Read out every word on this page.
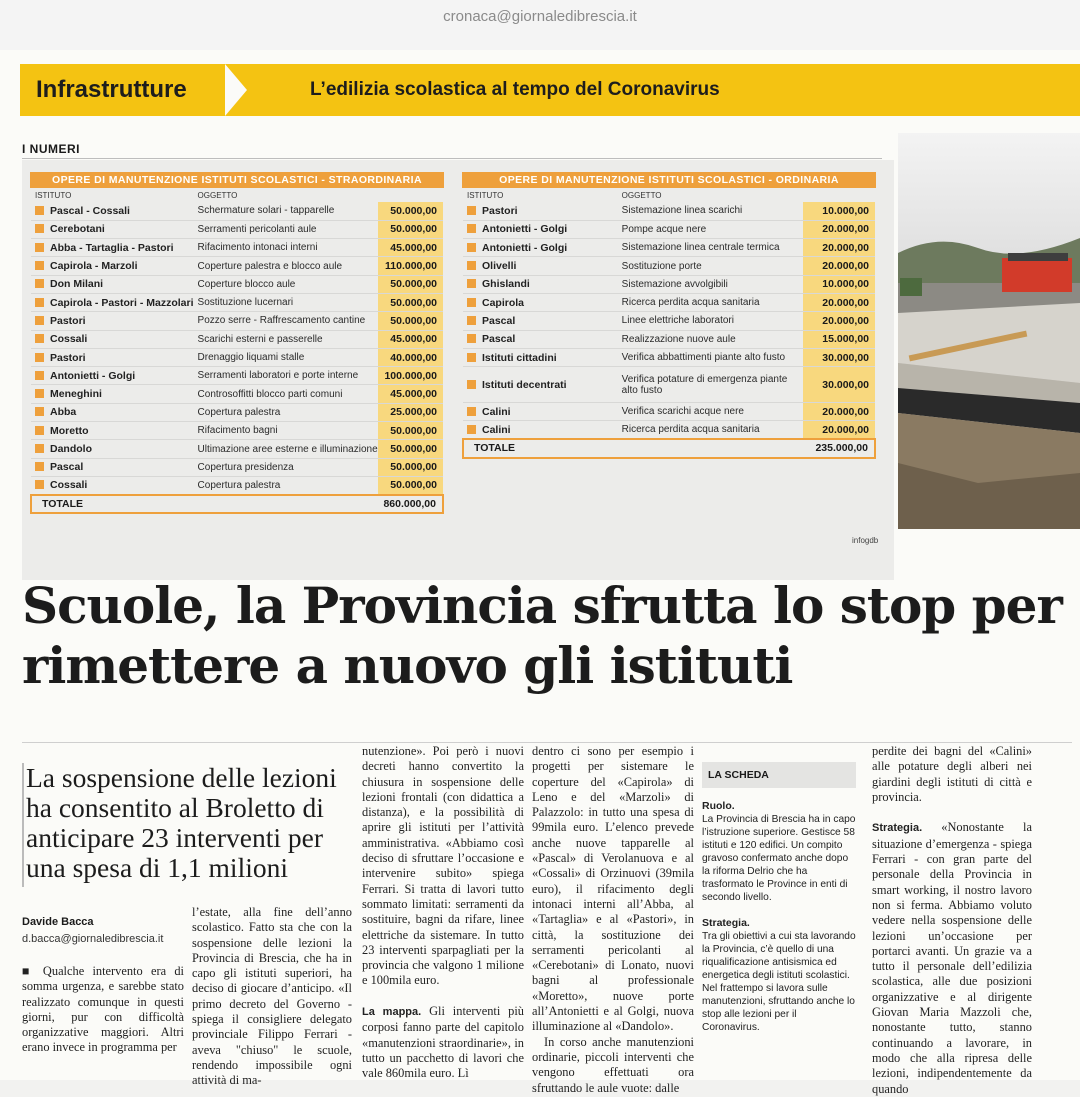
cronaca@giornaledibrescia.it
Infrastrutture	L’edilizia scolastica al tempo del Coronavirus
I NUMERI
OPERE DI MANUTENZIONE ISTITUTI SCOLASTICI - STRAORDINARIA
ISTITUTO	OGGETTO	
Pascal - Cossali	Schermature solari - tapparelle	50.000,00
Cerebotani	Serramenti pericolanti aule	50.000,00
Abba - Tartaglia - Pastori	Rifacimento intonaci interni	45.000,00
Capirola - Marzoli	Coperture palestra e blocco aule	110.000,00
Don Milani	Coperture blocco aule	50.000,00
Capirola - Pastori - Mazzolari	Sostituzione lucernari	50.000,00
Pastori	Pozzo serre - Raffrescamento cantine	50.000,00
Cossali	Scarichi esterni e passerelle	45.000,00
Pastori	Drenaggio liquami stalle	40.000,00
Antonietti - Golgi	Serramenti laboratori e porte interne	100.000,00
Meneghini	Controsoffitti blocco parti comuni	45.000,00
Abba	Copertura palestra	25.000,00
Moretto	Rifacimento bagni	50.000,00
Dandolo	Ultimazione aree esterne e illuminazione	50.000,00
Pascal	Copertura presidenza	50.000,00
Cossali	Copertura palestra	50.000,00
TOTALE		860.000,00
OPERE DI MANUTENZIONE ISTITUTI SCOLASTICI - ORDINARIA
ISTITUTO	OGGETTO	
Pastori	Sistemazione linea scarichi	10.000,00
Antonietti - Golgi	Pompe acque nere	20.000,00
Antonietti - Golgi	Sistemazione linea centrale termica	20.000,00
Olivelli	Sostituzione porte	20.000,00
Ghislandi	Sistemazione avvolgibili	10.000,00
Capirola	Ricerca perdita acqua sanitaria	20.000,00
Pascal	Linee elettriche laboratori	20.000,00
Pascal	Realizzazione nuove aule	15.000,00
Istituti cittadini	Verifica abbattimenti piante alto fusto	30.000,00
Istituti decentrati	Verifica potature di emergenza piante alto fusto	30.000,00
Calini	Verifica scarichi acque nere	20.000,00
Calini	Ricerca perdita acqua sanitaria	20.000,00
TOTALE		235.000,00
infogdb
Scuole, la Provincia sfrutta lo stop per rimettere a nuovo gli istituti
La sospensione delle lezioni ha consentito al Broletto di anticipare 23 interventi per una spesa di 1,1 milioni
Davide Bacca
d.bacca@giornaledibrescia.it
■ Qualche intervento era di somma urgenza, e sarebbe stato realizzato comunque in questi giorni, pur con difficoltà organizzative maggiori. Altri erano invece in programma per
l’estate, alla fine dell’anno scolastico. Fatto sta che con la sospensione delle lezioni la Provincia di Brescia, che ha in capo gli istituti superiori, ha deciso di giocare d’anticipo. «Il primo decreto del Governo - spiega il consigliere delegato provinciale Filippo Ferrari - aveva "chiuso" le scuole, rendendo impossibile ogni attività di ma-
nutenzione». Poi però i nuovi decreti hanno convertito la chiusura in sospensione delle lezioni frontali (con didattica a distanza), e la possibilità di aprire gli istituti per l’attività amministrativa. «Abbiamo così deciso di sfruttare l’occasione e intervenire subito» spiega Ferrari. Si tratta di lavori tutto sommato limitati: serramenti da sostituire, bagni da rifare, linee elettriche da sistemare. In tutto 23 interventi sparpagliati per la provincia che valgono 1 milione e 100mila euro.

La mappa. Gli interventi più corposi fanno parte del capitolo «manutenzioni straordinarie», in tutto un pacchetto di lavori che vale 860mila euro. Lì
dentro ci sono per esempio i progetti per sistemare le coperture del «Capirola» di Leno e del «Marzoli» di Palazzolo: in tutto una spesa di 99mila euro. L’elenco prevede anche nuove tapparelle al «Pascal» di Verolanuova e al «Cossali» di Orzinuovi (39mila euro), il rifacimento degli intonaci interni all’Abba, al «Tartaglia» e al «Pastori», in città, la sostituzione dei serramenti pericolanti al «Cerebotani» di Lonato, nuovi bagni al professionale «Moretto», nuove porte all’Antonietti e al Golgi, nuova illuminazione al «Dandolo».
In corso anche manutenzioni ordinarie, piccoli interventi che vengono effettuati ora sfruttando le aule vuote: dalle
LA SCHEDA
Ruolo.
La Provincia di Brescia ha in capo l’istruzione superiore. Gestisce 58 istituti e 120 edifici. Un compito gravoso confermato anche dopo la riforma Delrio che ha trasformato le Province in enti di secondo livello.

Strategia.
Tra gli obiettivi a cui sta lavorando la Provincia, c’è quello di una riqualificazione antisismica ed energetica degli istituti scolastici. Nel frattempo si lavora sulle manutenzioni, sfruttando anche lo stop alle lezioni per il Coronavirus.
perdite dei bagni del «Calini» alle potature degli alberi nei giardini degli istituti di città e provincia.

Strategia. «Nonostante la situazione d’emergenza - spiega Ferrari - con gran parte del personale della Provincia in smart working, il nostro lavoro non si ferma. Abbiamo voluto vedere nella sospensione delle lezioni un’occasione per portarci avanti. Un grazie va a tutto il personale dell’edilizia scolastica, alle due posizioni organizzative e al dirigente Giovan Maria Mazzoli che, nonostante tutto, stanno continuando a lavorare, in modo che alla ripresa delle lezioni, indipendentemente da quando
